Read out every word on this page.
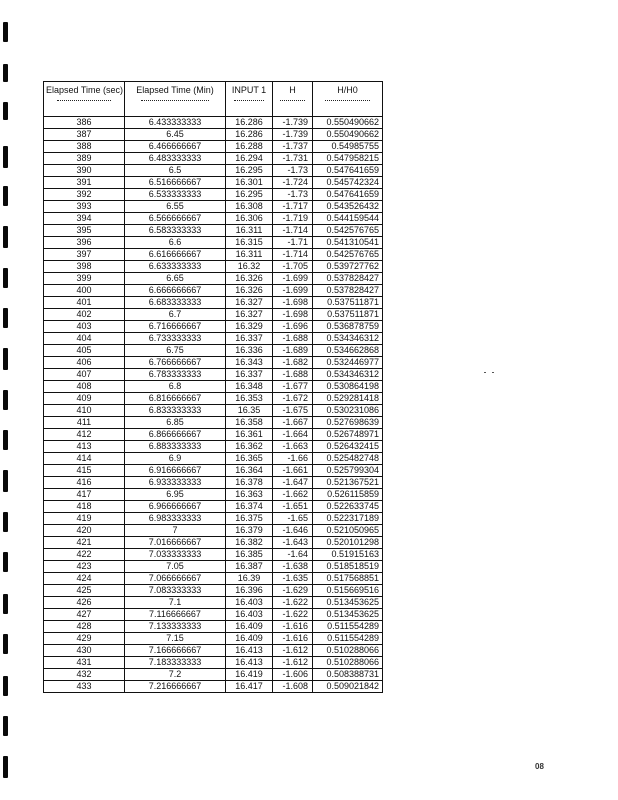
Elapsed Time (sec)	Elapsed Time (Min)	INPUT 1	H	H/H0

386	6.433333333	16.286	-1.739	0.550490662
387	6.45	16.286	-1.739	0.550490662
388	6.466666667	16.288	-1.737	0.54985755
389	6.483333333	16.294	-1.731	0.547958215
390	6.5	16.295	-1.73	0.547641659
391	6.516666667	16.301	-1.724	0.545742324
392	6.533333333	16.295	-1.73	0.547641659
393	6.55	16.308	-1.717	0.543526432
394	6.566666667	16.306	-1.719	0.544159544
395	6.583333333	16.311	-1.714	0.542576765
396	6.6	16.315	-1.71	0.541310541
397	6.616666667	16.311	-1.714	0.542576765
398	6.633333333	16.32	-1.705	0.539727762
399	6.65	16.326	-1.699	0.537828427
400	6.666666667	16.326	-1.699	0.537828427
401	6.683333333	16.327	-1.698	0.537511871
402	6.7	16.327	-1.698	0.537511871
403	6.716666667	16.329	-1.696	0.536878759
404	6.733333333	16.337	-1.688	0.534346312
405	6.75	16.336	-1.689	0.534662868
406	6.766666667	16.343	-1.682	0.532446977
407	6.783333333	16.337	-1.688	0.534346312
408	6.8	16.348	-1.677	0.530864198
409	6.816666667	16.353	-1.672	0.529281418
410	6.833333333	16.35	-1.675	0.530231086
411	6.85	16.358	-1.667	0.527698639
412	6.866666667	16.361	-1.664	0.526748971
413	6.883333333	16.362	-1.663	0.526432415
414	6.9	16.365	-1.66	0.525482748
415	6.916666667	16.364	-1.661	0.525799304
416	6.933333333	16.378	-1.647	0.521367521
417	6.95	16.363	-1.662	0.526115859
418	6.966666667	16.374	-1.651	0.522633745
419	6.983333333	16.375	-1.65	0.522317189
420	7	16.379	-1.646	0.521050965
421	7.016666667	16.382	-1.643	0.520101298
422	7.033333333	16.385	-1.64	0.51915163
423	7.05	16.387	-1.638	0.518518519
424	7.066666667	16.39	-1.635	0.517568851
425	7.083333333	16.396	-1.629	0.515669516
426	7.1	16.403	-1.622	0.513453625
427	7.116666667	16.403	-1.622	0.513453625
428	7.133333333	16.409	-1.616	0.511554289
429	7.15	16.409	-1.616	0.511554289
430	7.166666667	16.413	-1.612	0.510288066
431	7.183333333	16.413	-1.612	0.510288066
432	7.2	16.419	-1.606	0.508388731
433	7.216666667	16.417	-1.608	0.509021842
08
